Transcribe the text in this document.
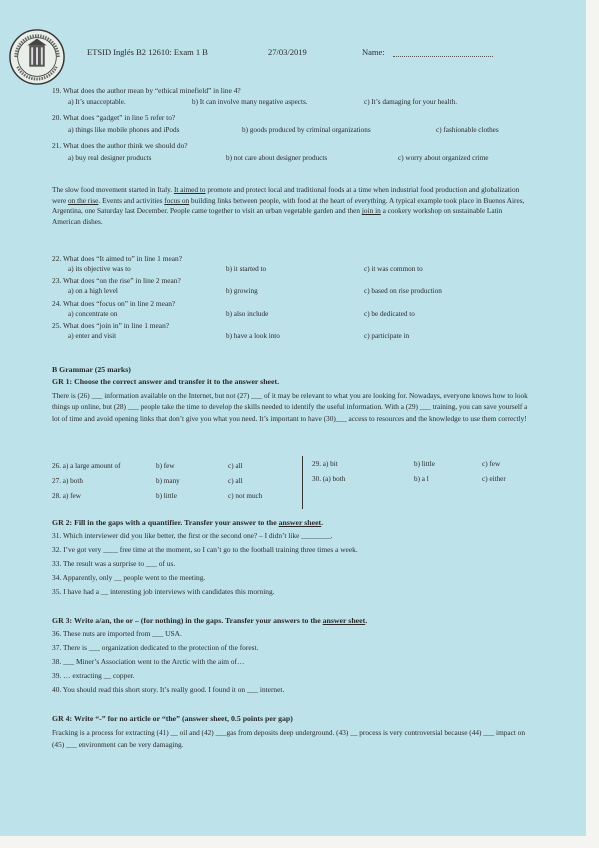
ETSID Inglés B2 12610: Exam 1 B	27/03/2019	Name:
19. What does the author mean by “ethical minefield” in line 4?
a) It’s unacceptable.	b) It can involve many negative aspects.	c) It’s damaging for your health.
20. What does “gadget” in line 5 refer to?
a) things like mobile phones and iPods	b) goods produced by criminal organizations	c) fashionable clothes
21. What does the author think we should do?
a) buy real designer products	b) not care about designer products	c) worry about organized crime
The slow food movement started in Italy. It aimed to promote and protect local and traditional foods at a time when industrial food production and globalization were on the rise. Events and activities focus on building links between people, with food at the heart of everything. A typical example took place in Buenos Aires, Argentina, one Saturday last December. People came together to visit an urban vegetable garden and then join in a cookery workshop on sustainable Latin American dishes.
22. What does “It aimed to” in line 1 mean?
a) its objective was to	b) it started to	c) it was common to
23. What does “on the rise” in line 2 mean?
a) on a high level	b) growing	c) based on rise production
24. What does “focus on” in line 2 mean?
a) concentrate on	b) also include	c) be dedicated to
25. What does “join in” in line 1 mean?
a) enter and visit	b) have a look into	c) participate in
B Grammar (25 marks)
GR 1: Choose the correct answer and transfer it to the answer sheet.
There is (26) ___ information available on the Internet, but not (27) ___ of it may be relevant to what you are looking for. Nowadays, everyone knows how to look things up online, but (28) ___ people take the time to develop the skills needed to identify the useful information. With a (29) ___ training, you can save yourself a lot of time and avoid opening links that don’t give you what you need. It’s important to have (30)___ access to resources and the knowledge to use them correctly!
26. a) a large amount of	b) few	c) all
27. a) both	b) many	c) all
28. a) few	b) little	c) not much
29. a) bit	b) little	c) few
30. (a) both	b) a l	c) either
GR 2: Fill in the gaps with a quantifier. Transfer your answer to the answer sheet.
31. Which interviewer did you like better, the first or the second one? – I didn’t like ________.
32. I’ve got very ____ free time at the moment, so I can’t go to the football training three times a week.
33. The result was a surprise to ___ of us.
34. Apparently, only __ people went to the meeting.
35. I have had a __ interesting job interviews with candidates this morning.
GR 3: Write a/an, the or – (for nothing) in the gaps. Transfer your answers to the answer sheet.
36. These nuts are imported from ___ USA.
37. There is ___ organization dedicated to the protection of the forest.
38. ___ Miner’s Association went to the Arctic with the aim of…
39. … extracting __ copper.
40. You should read this short story. It’s really good. I found it on ___ internet.
GR 4: Write “-” for no article or “the” (answer sheet, 0.5 points per gap)
Fracking is a process for extracting (41) __ oil and (42) ___gas from deposits deep underground. (43) __ process is very controversial because (44) ___ impact on (45) ___ environment can be very damaging.
